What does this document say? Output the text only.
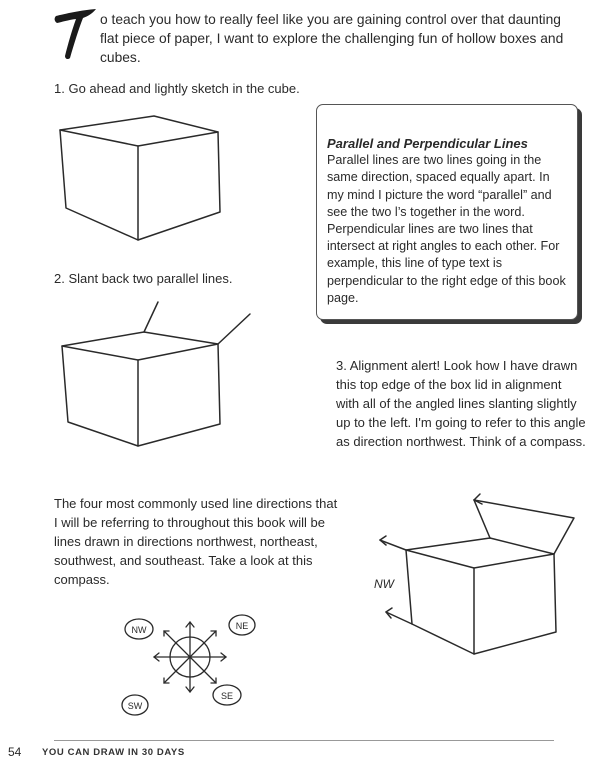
o teach you how to really feel like you are gaining control over that daunting flat piece of paper, I want to explore the challenging fun of hollow boxes and cubes.
1. Go ahead and lightly sketch in the cube.
2. Slant back two parallel lines.
Parallel and Perpendicular Lines
Parallel lines are two lines going in the same direction, spaced equally apart. In my mind I picture the word “parallel” and see the two l’s together in the word. Perpendicular lines are two lines that intersect at right angles to each other. For example, this line of type text is perpendicular to the right edge of this book page.
3. Alignment alert! Look how I have drawn this top edge of the box lid in alignment with all of the angled lines slanting slightly up to the left. I'm going to refer to this angle as direction northwest. Think of a compass.
The four most commonly used line directions that I will be referring to throughout this book will be lines drawn in directions northwest, northeast, southwest, and southeast. Take a look at this compass.
NW	NE
SW
SE
NW
54 YOU CAN DRAW IN 30 DAYS
